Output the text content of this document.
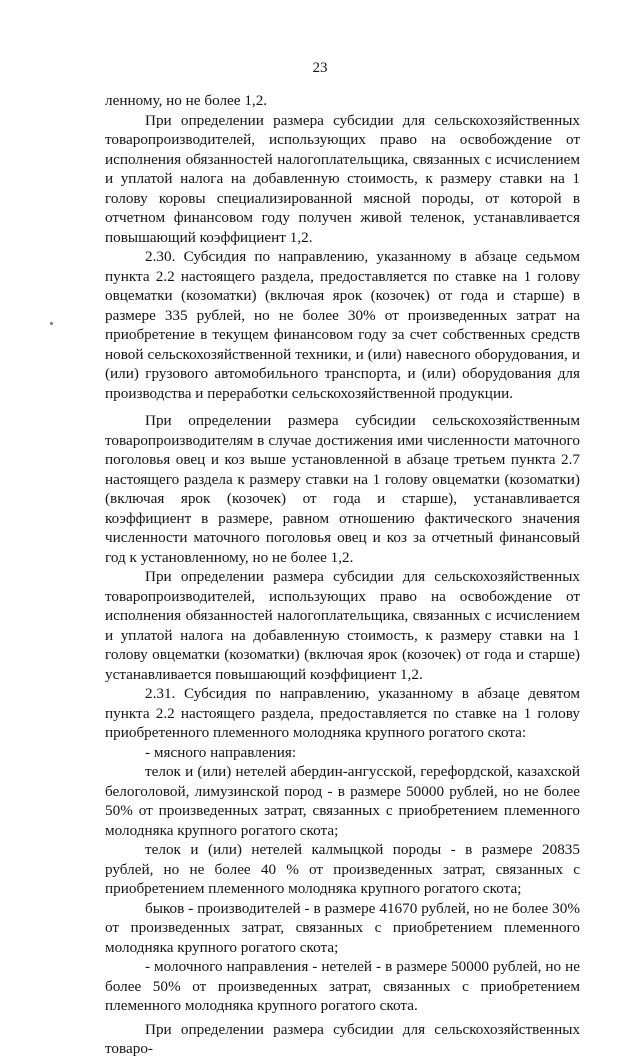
23

ленному, но не более 1,2.

При определении размера субсидии для сельскохозяйственных товаропроизводителей, использующих право на освобождение от исполнения обязанностей налогоплательщика, связанных с исчислением и уплатой налога на добавленную стоимость, к размеру ставки на 1 голову коровы специализированной мясной породы, от которой в отчетном финансовом году получен живой теленок, устанавливается повышающий коэффициент 1,2.

2.30. Субсидия по направлению, указанному в абзаце седьмом пункта 2.2 настоящего раздела, предоставляется по ставке на 1 голову овцематки (козоматки) (включая ярок (козочек) от года и старше) в размере 335 рублей, но не более 30% от произведенных затрат на приобретение в текущем финансовом году за счет собственных средств новой сельскохозяйственной техники, и (или) навесного оборудования, и (или) грузового автомобильного транспорта, и (или) оборудования для производства и переработки сельскохозяйственной продукции.

При определении размера субсидии сельскохозяйственным товаропроизводителям в случае достижения ими численности маточного поголовья овец и коз выше установленной в абзаце третьем пункта 2.7 настоящего раздела к размеру ставки на 1 голову овцематки (козоматки) (включая ярок (козочек) от года и старше), устанавливается коэффициент в размере, равном отношению фактического значения численности маточного поголовья овец и коз за отчетный финансовый год к установленному, но не более 1,2.

При определении размера субсидии для сельскохозяйственных товаропроизводителей, использующих право на освобождение от исполнения обязанностей налогоплательщика, связанных с исчислением и уплатой налога на добавленную стоимость, к размеру ставки на 1 голову овцематки (козоматки) (включая ярок (козочек) от года и старше) устанавливается повышающий коэффициент 1,2.

2.31. Субсидия по направлению, указанному в абзаце девятом пункта 2.2 настоящего раздела, предоставляется по ставке на 1 голову приобретенного племенного молодняка крупного рогатого скота:

- мясного направления:

телок и (или) нетелей абердин-ангусской, герефордской, казахской белоголовой, лимузинской пород - в размере 50000 рублей, но не более 50% от произведенных затрат, связанных с приобретением племенного молодняка крупного рогатого скота;

телок и (или) нетелей калмыцкой породы - в размере 20835 рублей, но не более 40 % от произведенных затрат, связанных с приобретением племенного молодняка крупного рогатого скота;

быков - производителей - в размере 41670 рублей, но не более 30% от произведенных затрат, связанных с приобретением племенного молодняка крупного рогатого скота;

- молочного направления - нетелей - в размере 50000 рублей, но не более 50% от произведенных затрат, связанных с приобретением племенного молодняка крупного рогатого скота.

При определении размера субсидии для сельскохозяйственных товаро-
